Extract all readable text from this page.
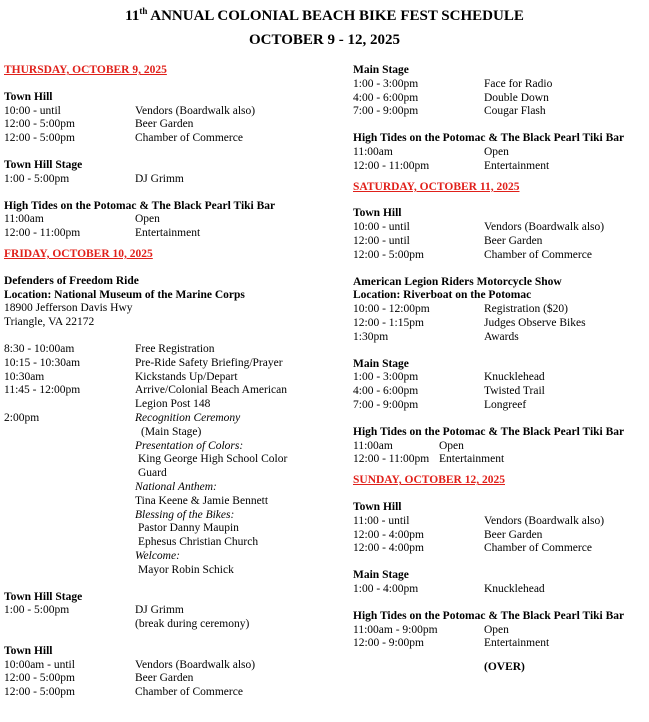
11th ANNUAL COLONIAL BEACH BIKE FEST SCHEDULE
OCTOBER 9 - 12, 2025
THURSDAY, OCTOBER 9, 2025
Town Hill
10:00 - until	Vendors (Boardwalk also)
12:00 - 5:00pm	Beer Garden
12:00 - 5:00pm	Chamber of Commerce
Town Hill Stage
1:00 - 5:00pm	DJ Grimm
High Tides on the Potomac & The Black Pearl Tiki Bar
11:00am	Open
12:00 - 11:00pm	Entertainment
FRIDAY, OCTOBER 10, 2025
Defenders of Freedom Ride
Location: National Museum of the Marine Corps
18900 Jefferson Davis Hwy
Triangle, VA 22172
8:30 - 10:00am	Free Registration
10:15 - 10:30am	Pre-Ride Safety Briefing/Prayer
10:30am	Kickstands Up/Depart
11:45 - 12:00pm	Arrive/Colonial Beach American
Legion Post 148
2:00pm	Recognition Ceremony
(Main Stage)
Presentation of Colors:
King George High School Color
Guard
National Anthem:
Tina Keene & Jamie Bennett
Blessing of the Bikes:
Pastor Danny Maupin
Ephesus Christian Church
Welcome:
Mayor Robin Schick
Town Hill Stage
1:00 - 5:00pm	DJ Grimm
(break during ceremony)
Town Hill
10:00am - until	Vendors (Boardwalk also)
12:00 - 5:00pm	Beer Garden
12:00 - 5:00pm	Chamber of Commerce
Main Stage
1:00 - 3:00pm	Face for Radio
4:00 - 6:00pm	Double Down
7:00 - 9:00pm	Cougar Flash
High Tides on the Potomac & The Black Pearl Tiki Bar
11:00am	Open
12:00 - 11:00pm	Entertainment
SATURDAY, OCTOBER 11, 2025
Town Hill
10:00 - until	Vendors (Boardwalk also)
12:00 - until	Beer Garden
12:00 - 5:00pm	Chamber of Commerce
American Legion Riders Motorcycle Show
Location: Riverboat on the Potomac
10:00 - 12:00pm	Registration ($20)
12:00 - 1:15pm	Judges Observe Bikes
1:30pm	Awards
Main Stage
1:00 - 3:00pm	Knucklehead
4:00 - 6:00pm	Twisted Trail
7:00 - 9:00pm	Longreef
High Tides on the Potomac & The Black Pearl Tiki Bar
11:00am	Open
12:00 - 11:00pm Entertainment
SUNDAY, OCTOBER 12, 2025
Town Hill
11:00 - until	Vendors (Boardwalk also)
12:00 - 4:00pm	Beer Garden
12:00 - 4:00pm	Chamber of Commerce
Main Stage
1:00 - 4:00pm	Knucklehead
High Tides on the Potomac & The Black Pearl Tiki Bar
11:00am - 9:00pm	Open
12:00 - 9:00pm	Entertainment
(OVER)
